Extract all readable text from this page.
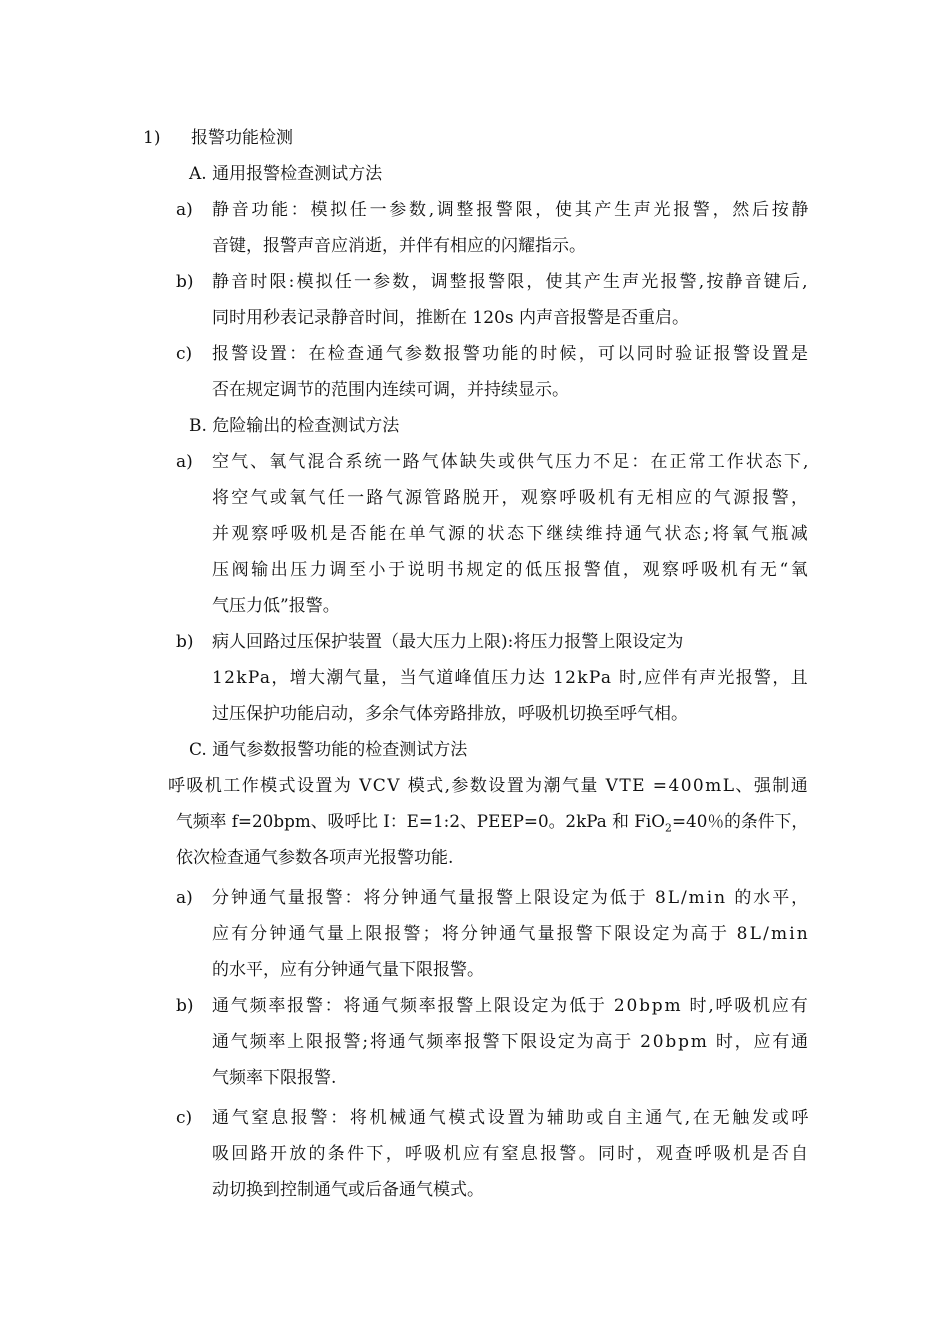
1) 报警功能检测
A. 通用报警检查测试方法
a) 静音功能：模拟任一参数,调整报警限，使其产生声光报警，然后按静
音键，报警声音应消逝，并伴有相应的闪耀指示。
b) 静音时限:模拟任一参数，调整报警限，使其产生声光报警,按静音键后,
同时用秒表记录静音时间，推断在 120s 内声音报警是否重启。
c) 报警设置：在检查通气参数报警功能的时候，可以同时验证报警设置是
否在规定调节的范围内连续可调，并持续显示。
B. 危险输出的检查测试方法
a) 空气、氧气混合系统一路气体缺失或供气压力不足：在正常工作状态下,
将空气或氧气任一路气源管路脱开，观察呼吸机有无相应的气源报警，
并观察呼吸机是否能在单气源的状态下继续维持通气状态;将氧气瓶减
压阀输出压力调至小于说明书规定的低压报警值，观察呼吸机有无“氧
气压力低”报警。
b) 病人回路过压保护装置（最大压力上限):将压力报警上限设定为
12kPa，增大潮气量，当气道峰值压力达 12kPa 时,应伴有声光报警，且
过压保护功能启动，多余气体旁路排放，呼吸机切换至呼气相。
C. 通气参数报警功能的检查测试方法
呼吸机工作模式设置为 VCV 模式,参数设置为潮气量 VTE =400mL、强制通
气频率 f=20bpm、吸呼比 I：E=1:2、PEEP=0。2kPa 和 FiO$_2$=40％的条件下，
依次检查通气参数各项声光报警功能.
a) 分钟通气量报警：将分钟通气量报警上限设定为低于 8L/min 的水平，
应有分钟通气量上限报警；将分钟通气量报警下限设定为高于 8L/min
的水平，应有分钟通气量下限报警。
b) 通气频率报警：将通气频率报警上限设定为低于 20bpm 时,呼吸机应有
通气频率上限报警;将通气频率报警下限设定为高于 20bpm 时，应有通
气频率下限报警.
c) 通气窒息报警：将机械通气模式设置为辅助或自主通气,在无触发或呼
吸回路开放的条件下，呼吸机应有窒息报警。同时，观查呼吸机是否自
动切换到控制通气或后备通气模式。
